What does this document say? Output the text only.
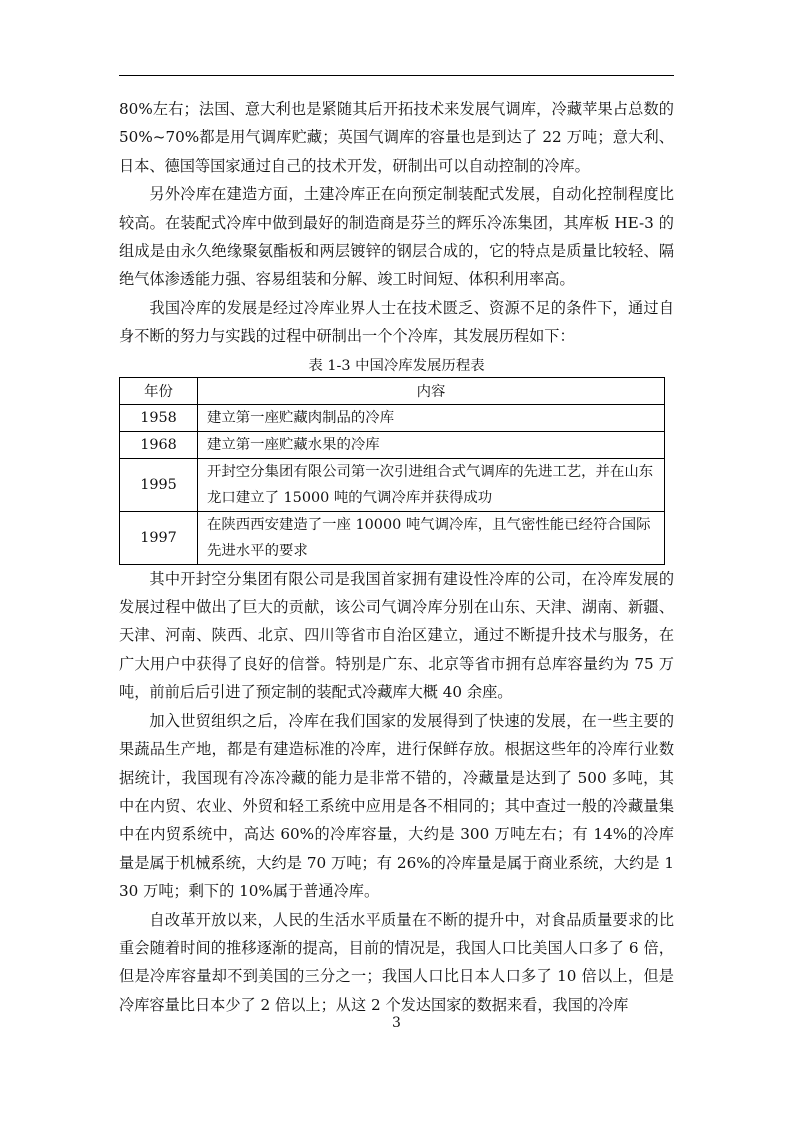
80%左右；法国、意大利也是紧随其后开拓技术来发展气调库，冷藏苹果占总数的 50%~70%都是用气调库贮藏；英国气调库的容量也是到达了 22 万吨；意大利、日本、德国等国家通过自己的技术开发，研制出可以自动控制的冷库。

另外冷库在建造方面，土建冷库正在向预定制装配式发展，自动化控制程度比较高。在装配式冷库中做到最好的制造商是芬兰的辉乐冷冻集团，其库板 HE-3 的组成是由永久绝缘聚氨酯板和两层镀锌的钢层合成的，它的特点是质量比较轻、隔绝气体渗透能力强、容易组装和分解、竣工时间短、体积利用率高。

我国冷库的发展是经过冷库业界人士在技术匮乏、资源不足的条件下，通过自身不断的努力与实践的过程中研制出一个个冷库，其发展历程如下：

表 1-3 中国冷库发展历程表
年份	内容
1958	建立第一座贮藏肉制品的冷库
1968	建立第一座贮藏水果的冷库
1995	开封空分集团有限公司第一次引进组合式气调库的先进工艺，并在山东龙口建立了 15000 吨的气调冷库并获得成功
1997	在陕西西安建造了一座 10000 吨气调冷库，且气密性能已经符合国际先进水平的要求

其中开封空分集团有限公司是我国首家拥有建设性冷库的公司，在冷库发展的发展过程中做出了巨大的贡献，该公司气调冷库分别在山东、天津、湖南、新疆、天津、河南、陕西、北京、四川等省市自治区建立，通过不断提升技术与服务，在广大用户中获得了良好的信誉。特别是广东、北京等省市拥有总库容量约为 75 万吨，前前后后引进了预定制的装配式冷藏库大概 40 余座。

加入世贸组织之后，冷库在我们国家的发展得到了快速的发展，在一些主要的果蔬品生产地，都是有建造标准的冷库，进行保鲜存放。根据这些年的冷库行业数据统计，我国现有冷冻冷藏的能力是非常不错的，冷藏量是达到了 500 多吨，其中在内贸、农业、外贸和轻工系统中应用是各不相同的；其中查过一般的冷藏量集中在内贸系统中，高达 60%的冷库容量，大约是 300 万吨左右；有 14%的冷库量是属于机械系统，大约是 70 万吨；有 26%的冷库量是属于商业系统，大约是 130 万吨；剩下的 10%属于普通冷库。

自改革开放以来，人民的生活水平质量在不断的提升中，对食品质量要求的比重会随着时间的推移逐渐的提高，目前的情况是，我国人口比美国人口多了 6 倍，但是冷库容量却不到美国的三分之一；我国人口比日本人口多了 10 倍以上，但是冷库容量比日本少了 2 倍以上；从这 2 个发达国家的数据来看，我国的冷库

3
